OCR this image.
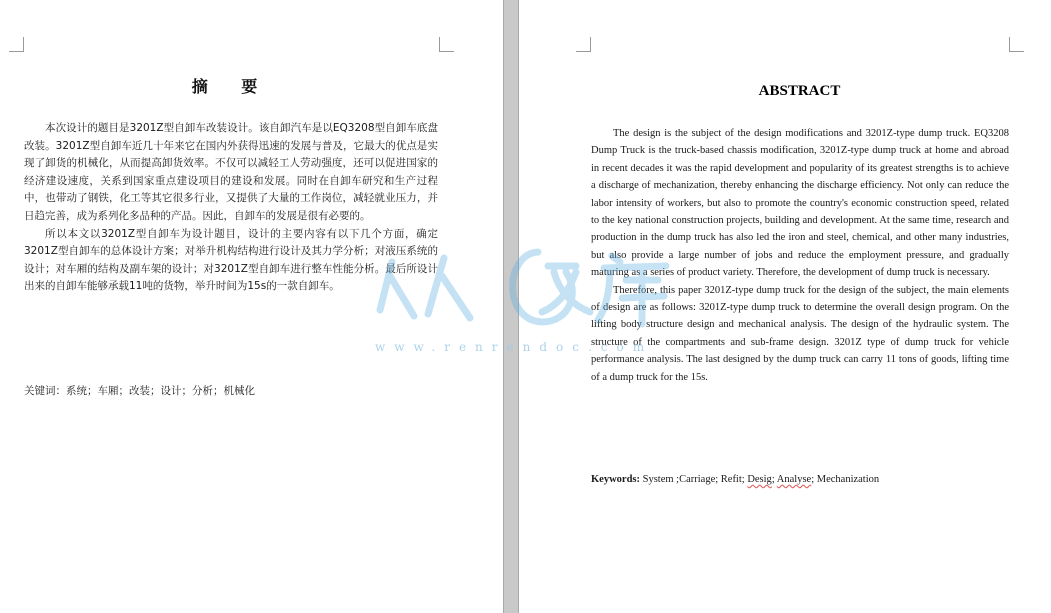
摘 要

本次设计的题目是3201Z型自卸车改装设计。该自卸汽车是以EQ3208型自卸车底盘改装。3201Z型自卸车近几十年来它在国内外获得迅速的发展与普及，它最大的优点是实现了卸货的机械化，从而提高卸货效率。不仅可以减轻工人劳动强度，还可以促进国家的经济建设速度，关系到国家重点建设项目的建设和发展。同时在自卸车研究和生产过程中，也带动了钢铁，化工等其它很多行业，又提供了大量的工作岗位，减轻就业压力，并日趋完善，成为系列化多品种的产品。因此，自卸车的发展是很有必要的。

所以本文以3201Z型自卸车为设计题目，设计的主要内容有以下几个方面，确定3201Z型自卸车的总体设计方案；对举升机构结构进行设计及其力学分析；对液压系统的设计；对车厢的结构及副车架的设计；对3201Z型自卸车进行整车性能分析。最后所设计出来的自卸车能够承载11吨的货物，举升时间为15s的一款自卸车。

关键词：系统；车厢；改装；设计；分析；机械化
ABSTRACT

The design is the subject of the design modifications and 3201Z-type dump truck. EQ3208 Dump Truck is the truck-based chassis modification, 3201Z-type dump truck at home and abroad in recent decades it was the rapid development and popularity of its greatest strengths is to achieve a discharge of mechanization, thereby enhancing the discharge efficiency. Not only can reduce the labor intensity of workers, but also to promote the country's economic construction speed, related to the key national construction projects, building and development. At the same time, research and production in the dump truck has also led the iron and steel, chemical, and other many industries, but also provide a large number of jobs and reduce the employment pressure, and gradually maturing as a series of product variety. Therefore, the development of dump truck is necessary.

Therefore, this paper 3201Z-type dump truck for the design of the subject, the main elements of design are as follows: 3201Z-type dump truck to determine the overall design program. On the lifting body structure design and mechanical analysis. The design of the hydraulic system. The structure of the compartments and sub-frame design. 3201Z type of dump truck for vehicle performance analysis. The last designed by the dump truck can carry 11 tons of goods, lifting time of a dump truck for the 15s.

Keywords: System ;Carriage; Refit; Desig; Analyse; Mechanization
www.renrendoc.com
